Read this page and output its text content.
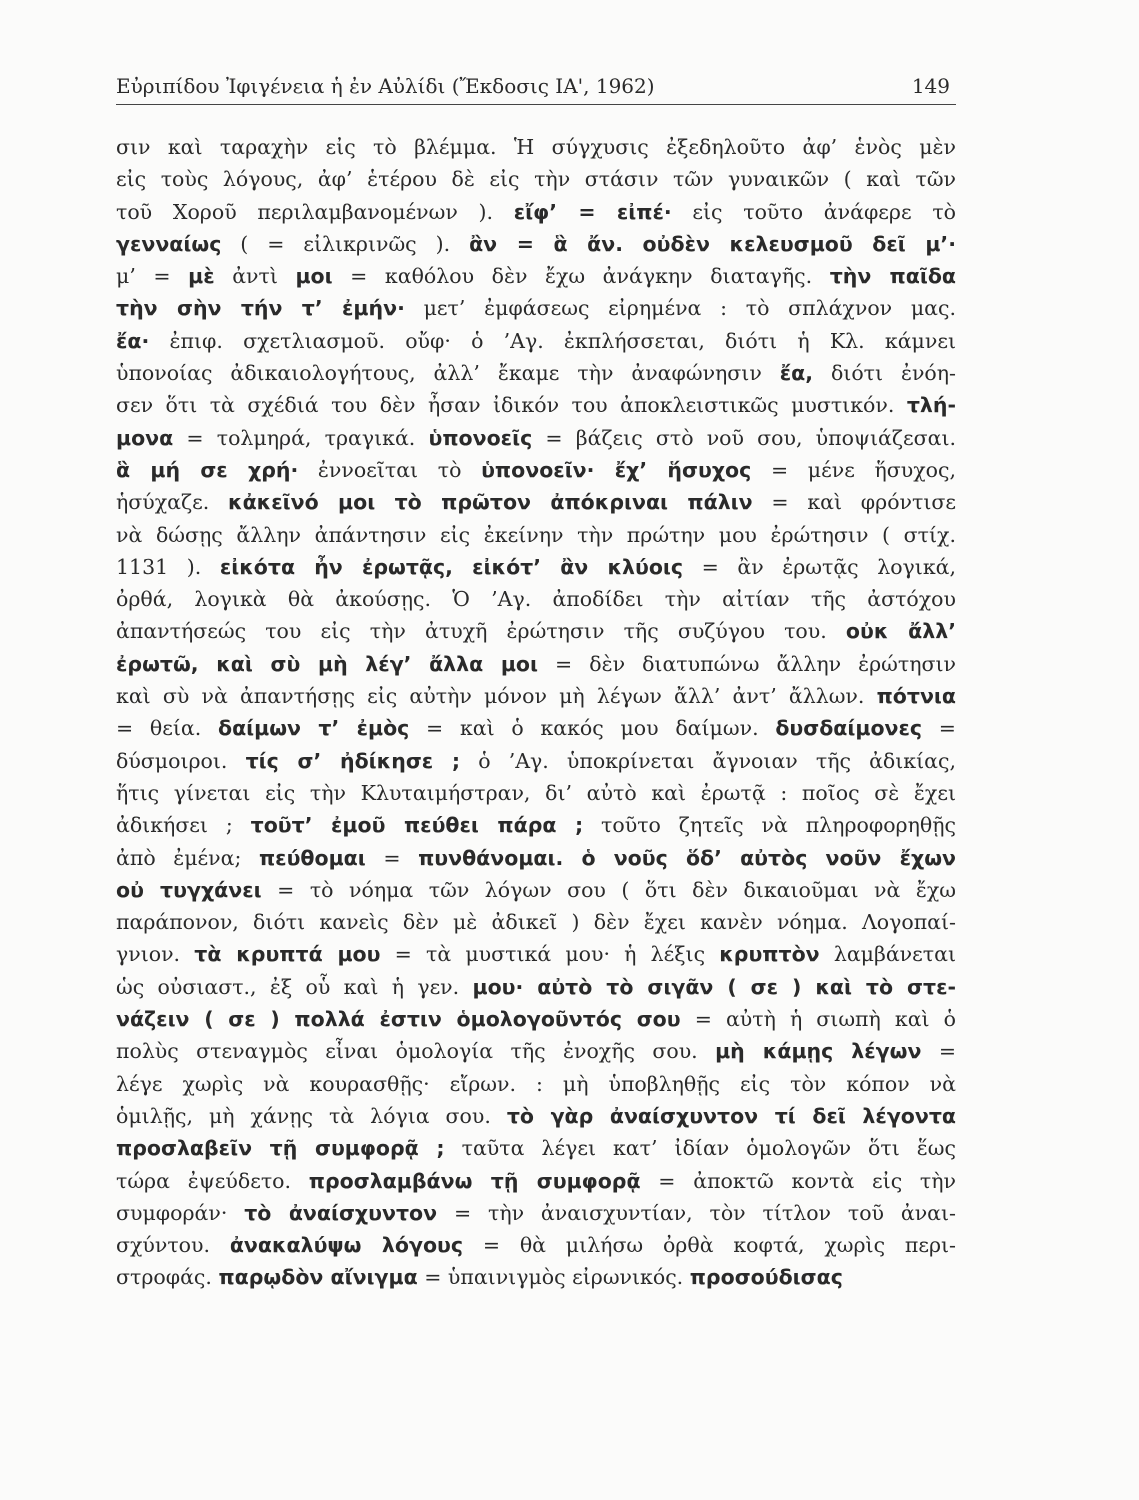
Εὐριπίδου Ἰφιγένεια ἡ ἐν Αὐλίδι (Ἔκδοσις ΙΑ', 1962)	149
σιν καὶ ταραχὴν εἰς τὸ βλέμμα. Ἡ σύγχυσις ἐξεδηλοῦτο ἀφ’ ἑνὸς μὲν
εἰς τοὺς λόγους, ἀφ’ ἑτέρου δὲ εἰς τὴν στάσιν τῶν γυναικῶν ( καὶ τῶν
τοῦ Χοροῦ περιλαμβανομένων ). εἴφ’ = εἰπέ· εἰς τοῦτο ἀνάφερε τὸ
γενναίως ( = εἰλικρινῶς ). ἂν = ἃ ἄν. οὐδὲν κελευσμοῦ δεῖ μ’·
μ’ = μὲ ἀντὶ μοι = καθόλου δὲν ἔχω ἀνάγκην διαταγῆς. τὴν παῖδα
τὴν σὴν τήν τ’ ἐμήν· μετ’ ἐμφάσεως εἰρημένα : τὸ σπλάχνον μας.
ἔα· ἐπιφ. σχετλιασμοῦ. οὔφ· ὁ ’Αγ. ἐκπλήσσεται, διότι ἡ Κλ. κάμνει
ὑπονοίας ἀδικαιολογήτους, ἀλλ’ ἔκαμε τὴν ἀναφώνησιν ἔα, διότι ἐνόη-
σεν ὅτι τὰ σχέδιά του δὲν ἦσαν ἰδικόν του ἀποκλειστικῶς μυστικόν. τλή-
μονα = τολμηρά, τραγικά. ὑπονοεῖς = βάζεις στὸ νοῦ σου, ὑποψιάζεσαι.
ἃ μή σε χρή· ἐννοεῖται τὸ ὑπονοεῖν· ἔχ’ ἥσυχος = μένε ἥσυχος,
ἡσύχαζε. κἀκεῖνό μοι τὸ πρῶτον ἀπόκριναι πάλιν = καὶ φρόντισε
νὰ δώσῃς ἄλλην ἀπάντησιν εἰς ἐκείνην τὴν πρώτην μου ἐρώτησιν ( στίχ.
1131 ). εἰκότα ἦν ἐρωτᾷς, εἰκότ’ ἂν κλύοις = ἂν ἐρωτᾷς λογικά,
ὀρθά, λογικὰ θὰ ἀκούσῃς. Ὁ ’Αγ. ἀποδίδει τὴν αἰτίαν τῆς ἀστόχου
ἀπαντήσεώς του εἰς τὴν ἀτυχῆ ἐρώτησιν τῆς συζύγου του. οὐκ ἄλλ’
ἐρωτῶ, καὶ σὺ μὴ λέγ’ ἄλλα μοι = δὲν διατυπώνω ἄλλην ἐρώτησιν
καὶ σὺ νὰ ἀπαντήσῃς εἰς αὐτὴν μόνον μὴ λέγων ἄλλ’ ἀντ’ ἄλλων. πότνια
= θεία. δαίμων τ’ ἐμὸς = καὶ ὁ κακός μου δαίμων. δυσδαίμονες =
δύσμοιροι. τίς σ’ ἠδίκησε ; ὁ ’Αγ. ὑποκρίνεται ἄγνοιαν τῆς ἀδικίας,
ἥτις γίνεται εἰς τὴν Κλυταιμήστραν, δι’ αὐτὸ καὶ ἐρωτᾷ : ποῖος σὲ ἔχει
ἀδικήσει ; τοῦτ’ ἐμοῦ πεύθει πάρα ; τοῦτο ζητεῖς νὰ πληροφορηθῇς
ἀπὸ ἐμένα; πεύθομαι = πυνθάνομαι. ὁ νοῦς ὅδ’ αὐτὸς νοῦν ἔχων
οὐ τυγχάνει = τὸ νόημα τῶν λόγων σου ( ὅτι δὲν δικαιοῦμαι νὰ ἔχω
παράπονον, διότι κανεὶς δὲν μὲ ἀδικεῖ ) δὲν ἔχει κανὲν νόημα. Λογοπαί-
γνιον. τὰ κρυπτά μου = τὰ μυστικά μου· ἡ λέξις κρυπτὸν λαμβάνεται
ὡς οὐσιαστ., ἐξ οὗ καὶ ἡ γεν. μου· αὐτὸ τὸ σιγᾶν ( σε ) καὶ τὸ στε-
νάζειν ( σε ) πολλά ἐστιν ὁμολογοῦντός σου = αὐτὴ ἡ σιωπὴ καὶ ὁ
πολὺς στεναγμὸς εἶναι ὁμολογία τῆς ἐνοχῆς σου. μὴ κάμῃς λέγων =
λέγε χωρὶς νὰ κουρασθῇς· εἴρων. : μὴ ὑποβληθῇς εἰς τὸν κόπον νὰ
ὁμιλῇς, μὴ χάνῃς τὰ λόγια σου. τὸ γὰρ ἀναίσχυντον τί δεῖ λέγοντα
προσλαβεῖν τῇ συμφορᾷ ; ταῦτα λέγει κατ’ ἰδίαν ὁμολογῶν ὅτι ἕως
τώρα ἐψεύδετο. προσλαμβάνω τῇ συμφορᾷ = ἀποκτῶ κοντὰ εἰς τὴν
συμφοράν· τὸ ἀναίσχυντον = τὴν ἀναισχυντίαν, τὸν τίτλον τοῦ ἀναι-
σχύντου. ἀνακαλύψω λόγους = θὰ μιλήσω ὀρθὰ κοφτά, χωρὶς περι-
στροφάς. παρῳδὸν αἴνιγμα = ὑπαινιγμὸς εἰρωνικός. προσούδισας
